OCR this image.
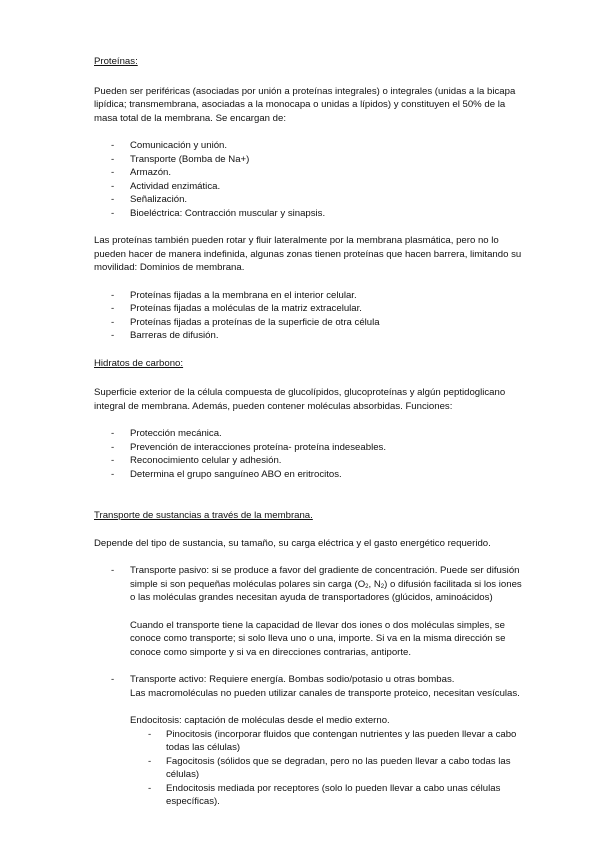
Proteínas:

Pueden ser periféricas (asociadas por unión a proteínas integrales) o integrales (unidas a la bicapa

lipídica; transmembrana, asociadas a la monocapa o unidas a lípidos) y constituyen el 50% de la

masa total de la membrana. Se encargan de:

- Comunicación y unión.
- Transporte (Bomba de Na+)
- Armazón.
- Actividad enzimática.
- Señalización.
- Bioeléctrica: Contracción muscular y sinapsis.

Las proteínas también pueden rotar y fluir lateralmente por la membrana plasmática, pero no lo

pueden hacer de manera indefinida, algunas zonas tienen proteínas que hacen barrera, limitando su

movilidad: Dominios de membrana.

- Proteínas fijadas a la membrana en el interior celular.
- Proteínas fijadas a moléculas de la matriz extracelular.
- Proteínas fijadas a proteínas de la superficie de otra célula
- Barreras de difusión.

Hidratos de carbono:

Superficie exterior de la célula compuesta de glucolípidos, glucoproteínas y algún peptidoglicano

integral de membrana. Además, pueden contener moléculas absorbidas. Funciones:

- Protección mecánica.
- Prevención de interacciones proteína- proteína indeseables.
- Reconocimiento celular y adhesión.
- Determina el grupo sanguíneo ABO en eritrocitos.

Transporte de sustancias a través de la membrana.

Depende del tipo de sustancia, su tamaño, su carga eléctrica y el gasto energético requerido.

- Transporte pasivo: si se produce a favor del gradiente de concentración. Puede ser difusión
simple si son pequeñas moléculas polares sin carga ($O_2$, $N_2$) o difusión facilitada si los iones
o las moléculas grandes necesitan ayuda de transportadores (glúcidos, aminoácidos)
Cuando el transporte tiene la capacidad de llevar dos iones o dos moléculas simples, se
conoce como transporte; si solo lleva uno o una, importe. Si va en la misma dirección se
conoce como simporte y si va en direcciones contrarias, antiporte.
- Transporte activo: Requiere energía. Bombas sodio/potasio u otras bombas.
Las macromoléculas no pueden utilizar canales de transporte proteico, necesitan vesículas.
Endocitosis: captación de moléculas desde el medio externo.
- Pinocitosis (incorporar fluidos que contengan nutrientes y las pueden llevar a cabo
todas las células)
- Fagocitosis (sólidos que se degradan, pero no las pueden llevar a cabo todas las
células)
- Endocitosis mediada por receptores (solo lo pueden llevar a cabo unas células
específicas).
